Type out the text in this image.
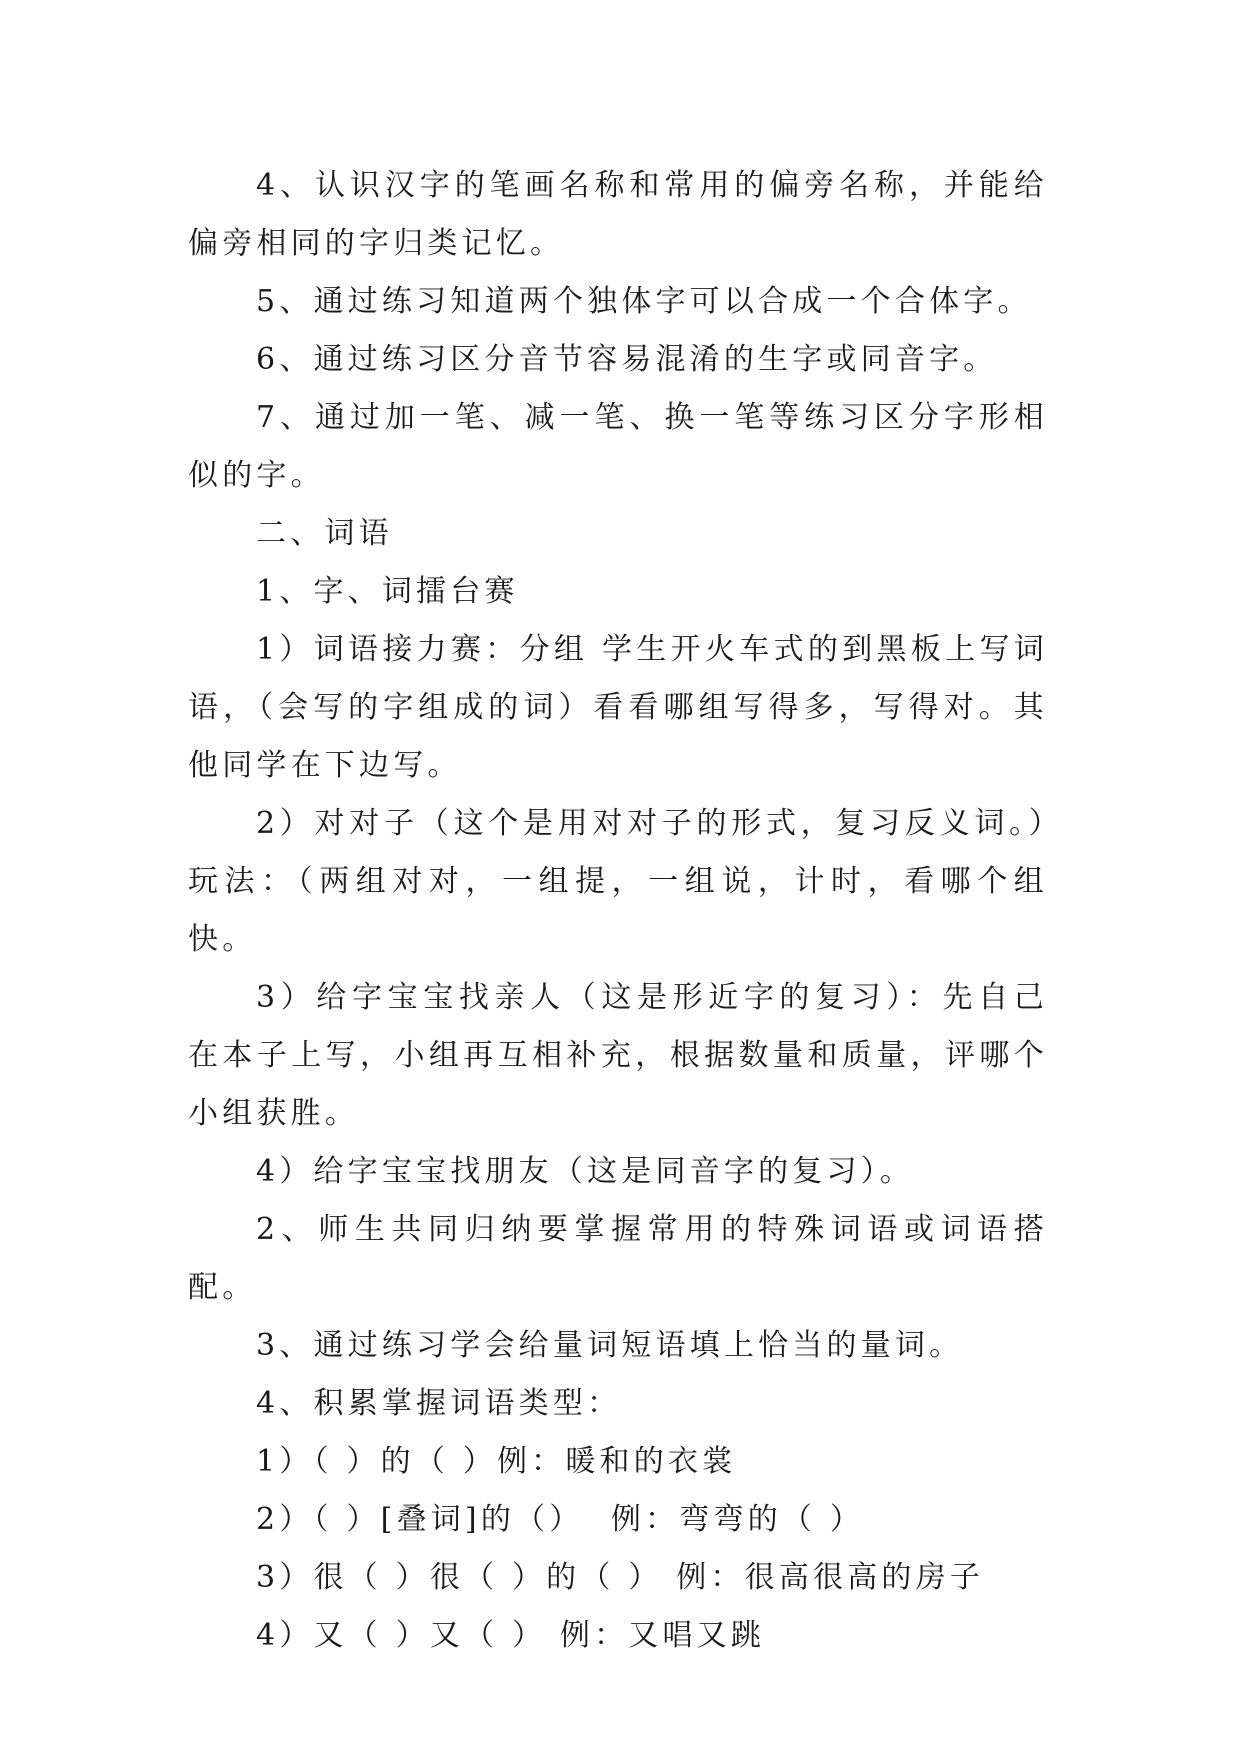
4、认识汉字的笔画名称和常用的偏旁名称，并能给偏旁相同的字归类记忆。

5、通过练习知道两个独体字可以合成一个合体字。

6、通过练习区分音节容易混淆的生字或同音字。

7、通过加一笔、减一笔、换一笔等练习区分字形相似的字。

二、词语

1、字、词擂台赛

1）词语接力赛：分组 学生开火车式的到黑板上写词语，（会写的字组成的词）看看哪组写得多，写得对。其他同学在下边写。

2）对对子（这个是用对对子的形式，复习反义词。）玩法：（两组对对，一组提，一组说，计时，看哪个组快。

3）给字宝宝找亲人（这是形近字的复习）：先自己在本子上写，小组再互相补充，根据数量和质量，评哪个小组获胜。

4）给字宝宝找朋友（这是同音字的复习）。

2、师生共同归纳要掌握常用的特殊词语或词语搭配。

3、通过练习学会给量词短语填上恰当的量词。

4、积累掌握词语类型：

1）（ ）的（ ）例：暖和的衣裳

2）（ ）[叠词]的（）  例：弯弯的（ ）

3）很（ ）很（ ）的（ ） 例：很高很高的房子

4）又（ ）又（ ） 例：又唱又跳
